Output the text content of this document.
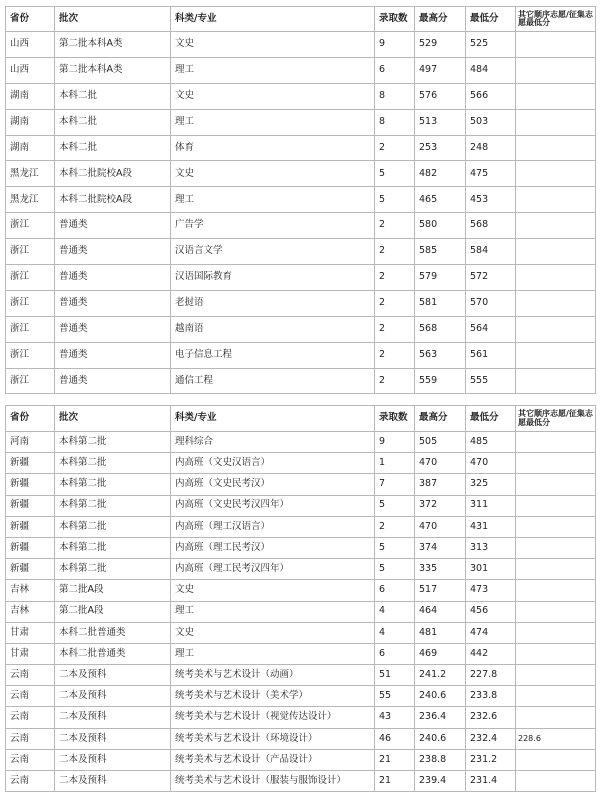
省份	批次	科类/专业	录取数	最高分	最低分	其它顺序志愿/征集志愿最低分
山西	第二批本科A类	文史	9	529	525	
山西	第二批本科A类	理工	6	497	484	
湖南	本科二批	文史	8	576	566	
湖南	本科二批	理工	8	513	503	
湖南	本科二批	体育	2	253	248	
黑龙江	本科二批院校A段	文史	5	482	475	
黑龙江	本科二批院校A段	理工	5	465	453	
浙江	普通类	广告学	2	580	568	
浙江	普通类	汉语言文学	2	585	584	
浙江	普通类	汉语国际教育	2	579	572	
浙江	普通类	老挝语	2	581	570	
浙江	普通类	越南语	2	568	564	
浙江	普通类	电子信息工程	2	563	561	
浙江	普通类	通信工程	2	559	555	
省份	批次	科类/专业	录取数	最高分	最低分	其它顺序志愿/征集志愿最低分
河南	本科第二批	理科综合	9	505	485	
新疆	本科第二批	内高班（文史汉语言）	1	470	470	
新疆	本科第二批	内高班（文史民考汉）	7	387	325	
新疆	本科第二批	内高班（文史民考汉四年）	5	372	311	
新疆	本科第二批	内高班（理工汉语言）	2	470	431	
新疆	本科第二批	内高班（理工民考汉）	5	374	313	
新疆	本科第二批	内高班（理工民考汉四年）	5	335	301	
吉林	第二批A段	文史	6	517	473	
吉林	第二批A段	理工	4	464	456	
甘肃	本科二批普通类	文史	4	481	474	
甘肃	本科二批普通类	理工	6	469	442	
云南	二本及预科	统考美术与艺术设计（动画）	51	241.2	227.8	
云南	二本及预科	统考美术与艺术设计（美术学）	55	240.6	233.8	
云南	二本及预科	统考美术与艺术设计（视觉传达设计）	43	236.4	232.6	
云南	二本及预科	统考美术与艺术设计（环境设计）	46	240.6	232.4	228.6
云南	二本及预科	统考美术与艺术设计（产品设计）	21	238.8	231.2	
云南	二本及预科	统考美术与艺术设计（服装与服饰设计）	21	239.4	231.4	
